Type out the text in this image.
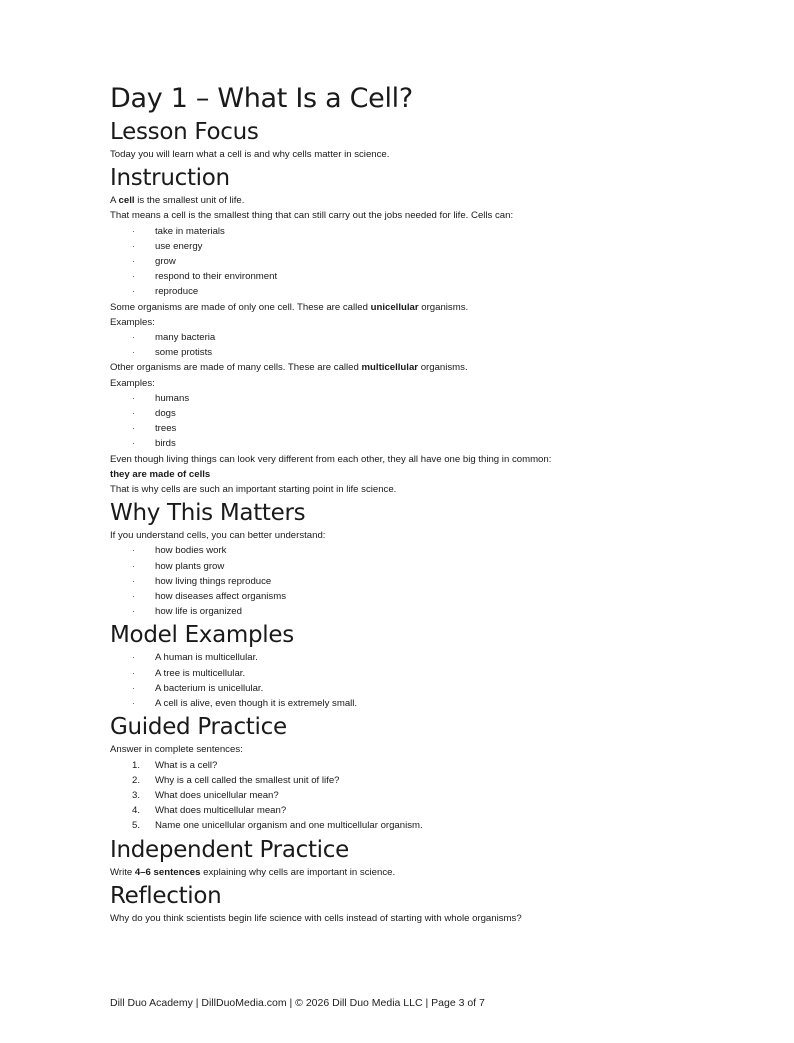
Day 1 – What Is a Cell?
Lesson Focus

Today you will learn what a cell is and why cells matter in science.

Instruction

A cell is the smallest unit of life.

That means a cell is the smallest thing that can still carry out the jobs needed for life. Cells can:

· take in materials
· use energy
· grow
· respond to their environment
· reproduce

Some organisms are made of only one cell. These are called unicellular organisms.

Examples:

· many bacteria
· some protists

Other organisms are made of many cells. These are called multicellular organisms.

Examples:

· humans
· dogs
· trees
· birds

Even though living things can look very different from each other, they all have one big thing in common:

they are made of cells

That is why cells are such an important starting point in life science.

Why This Matters

If you understand cells, you can better understand:

· how bodies work
· how plants grow
· how living things reproduce
· how diseases affect organisms
· how life is organized
Model Examples
· A human is multicellular.
· A tree is multicellular.
· A bacterium is unicellular.
· A cell is alive, even though it is extremely small.
Guided Practice

Answer in complete sentences:

1. What is a cell?
2. Why is a cell called the smallest unit of life?
3. What does unicellular mean?
4. What does multicellular mean?
5. Name one unicellular organism and one multicellular organism.
Independent Practice

Write 4–6 sentences explaining why cells are important in science.

Reflection

Why do you think scientists begin life science with cells instead of starting with whole organisms?

Dill Duo Academy | DillDuoMedia.com | © 2026 Dill Duo Media LLC | Page 3 of 7
